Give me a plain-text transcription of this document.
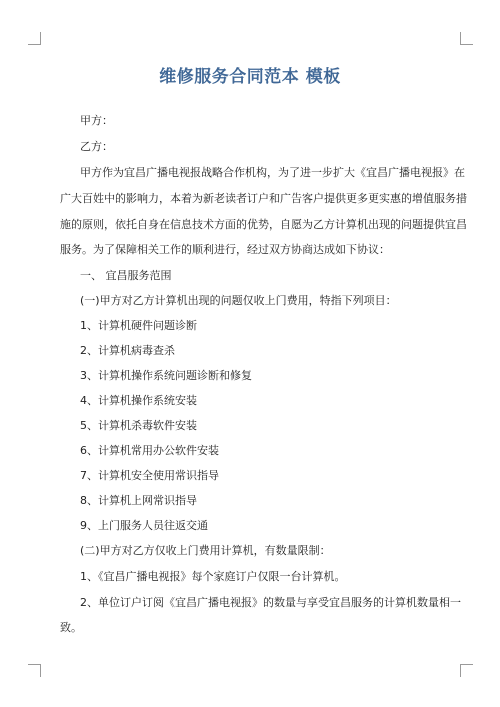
维修服务合同范本 模板
甲方：
乙方：
甲方作为宜昌广播电视报战略合作机构，为了进一步扩大《宜昌广播电视报》在
广大百姓中的影响力，本着为新老读者订户和广告客户提供更多更实惠的增值服务措
施的原则，依托自身在信息技术方面的优势，自愿为乙方计算机出现的问题提供宜昌
服务。为了保障相关工作的顺利进行，经过双方协商达成如下协议：
一、 宜昌服务范围
(一)甲方对乙方计算机出现的问题仅收上门费用，特指下列项目：
1、计算机硬件问题诊断
2、计算机病毒查杀
3、计算机操作系统问题诊断和修复
4、计算机操作系统安装
5、计算机杀毒软件安装
6、计算机常用办公软件安装
7、计算机安全使用常识指导
8、计算机上网常识指导
9、上门服务人员往返交通
(二)甲方对乙方仅收上门费用计算机，有数量限制：
1、《宜昌广播电视报》每个家庭订户仅限一台计算机。
2、单位订户订阅《宜昌广播电视报》的数量与享受宜昌服务的计算机数量相一
致。
